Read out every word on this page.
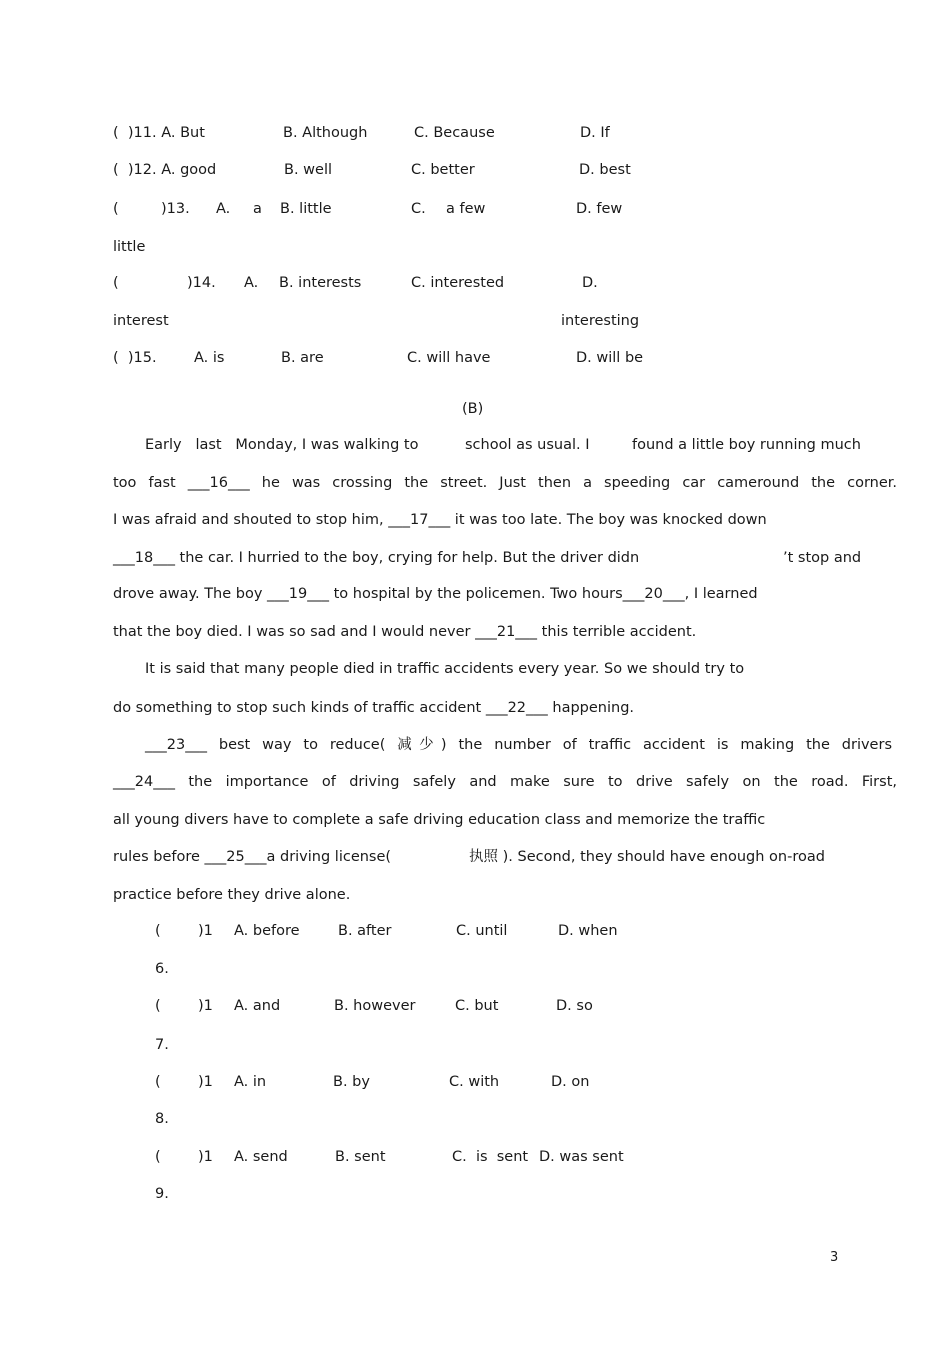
(  )11. A. But	B. Although	C. Because	D. If
(  )12. A. good	B. well	C. better	D. best
(	)13. A. a B. little	C. a few	D. few
little
(	)14. A. B. interests	C. interested	D.
interest	interesting
(  )15.	A. is	B. are	C. will have	D. will be
(B)
Early   last   Monday, I was walking to	school as usual. I	found a little boy running much
too fast ___16___ he was crossing the street. Just then a speeding car cameround the corner.
I was afraid and shouted to stop him, ___17___ it was too late. The boy was knocked down
___18___ the car. I hurried to the boy, crying for help. But the driver didn	’t stop and
drove away. The boy ___19___ to hospital by the policemen. Two hours___20___, I learned
that the boy died. I was so sad and I would never ___21___ this terrible accident.
It is said that many people died in traffic accidents every year. So we should try to
do something to stop such kinds of traffic accident ___22___ happening.
___23___ best way to reduce( 减少) the number of traffic accident is making the drivers
___24___ the importance of driving safely and make sure to drive safely on the road. First,
all young divers have to complete a safe driving education class and memorize the traffic
rules before ___25___a driving license(	执照 ). Second, they should have enough on-road
practice before they drive alone.
(	)1 A. before	B. after	C. until	D. when
6.
(	)1 A. and	B. however	C. but	D. so
7.
(	)1 A. in	B. by	C. with	D. on
8.
(	)1 A. send	B. sent	C.  is  sent D. was sent
9.
3
